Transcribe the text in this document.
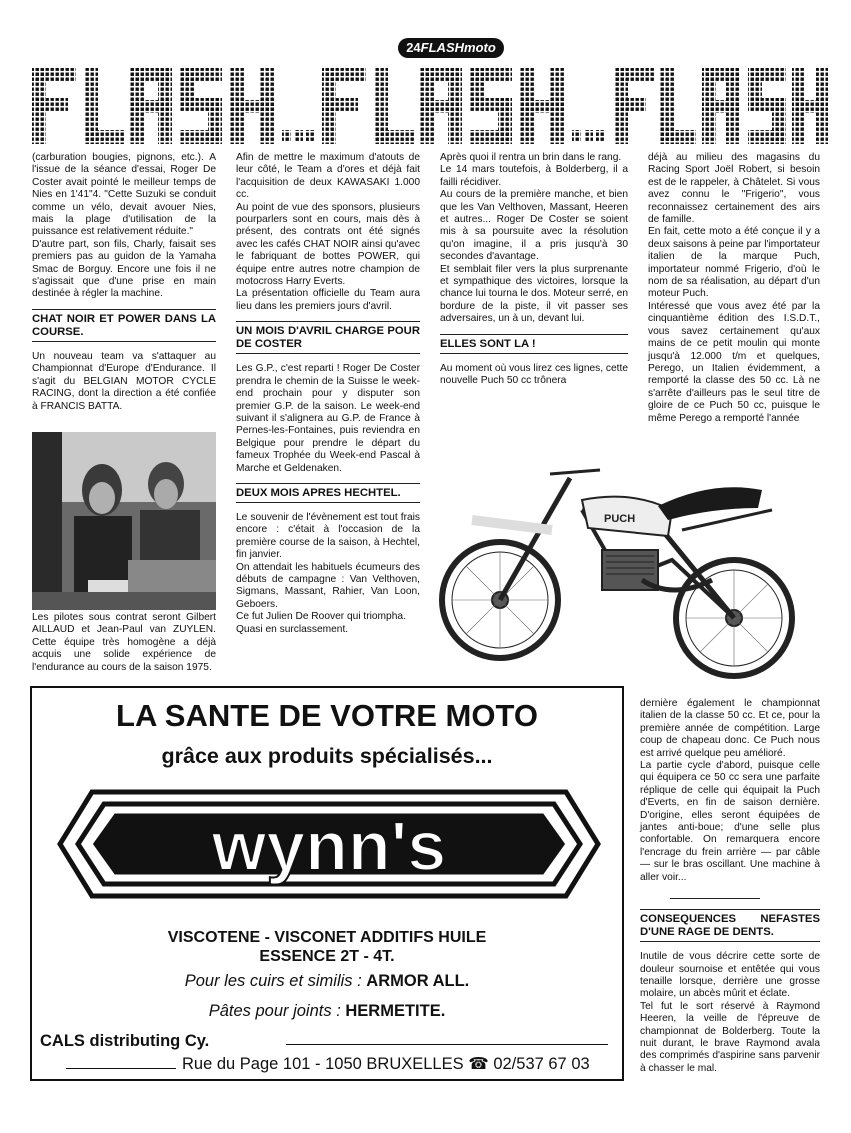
24FLASHmoto

(carburation bougies, pignons, etc.). A l'issue de la séance d'essai, Roger De Coster avait pointé le meilleur temps de Nies en 1'41"4. "Cette Suzuki se conduit comme un vélo, devait avouer Nies, mais la plage d'utilisation de la puissance est relativement réduite."

D'autre part, son fils, Charly, faisait ses premiers pas au guidon de la Yamaha Smac de Borguy. Encore une fois il ne s'agissait que d'une prise en main destinée à régler la machine.

CHAT NOIR ET POWER DANS LA COURSE.

Un nouveau team va s'attaquer au Championnat d'Europe d'Endurance. Il s'agit du BELGIAN MOTOR CYCLE RACING, dont la direction a été confiée à FRANCIS BATTA.

Les pilotes sous contrat seront Gilbert AILLAUD et Jean-Paul van ZUYLEN. Cette équipe très homogène a déjà acquis une solide expérience de l'endurance au cours de la saison 1975.

Afin de mettre le maximum d'atouts de leur côté, le Team a d'ores et déjà fait l'acquisition de deux KAWASAKI 1.000 cc.

Au point de vue des sponsors, plusieurs pourparlers sont en cours, mais dès à présent, des contrats ont été signés avec les cafés CHAT NOIR ainsi qu'avec le fabriquant de bottes POWER, qui équipe entre autres notre champion de motocross Harry Everts.

La présentation officielle du Team aura lieu dans les premiers jours d'avril.

UN MOIS D'AVRIL CHARGE POUR DE COSTER

Les G.P., c'est reparti ! Roger De Coster prendra le chemin de la Suisse le week-end prochain pour y disputer son premier G.P. de la saison. Le week-end suivant il s'alignera au G.P. de France à Pernes-les-Fontaines, puis reviendra en Belgique pour prendre le départ du fameux Trophée du Week-end Pascal à Marche et Geldenaken.

DEUX MOIS APRES HECHTEL.

Le souvenir de l'évènement est tout frais encore : c'était à l'occasion de la première course de la saison, à Hechtel, fin janvier.

On attendait les habituels écumeurs des débuts de campagne : Van Velthoven, Sigmans, Massant, Rahier, Van Loon, Geboers.

Ce fut Julien De Roover qui triompha.

Quasi en surclassement.

Après quoi il rentra un brin dans le rang.

Le 14 mars toutefois, à Bolderberg, il a failli récidiver.

Au cours de la première manche, et bien que les Van Velthoven, Massant, Heeren et autres... Roger De Coster se soient mis à sa poursuite avec la résolution qu'on imagine, il a pris jusqu'à 30 secondes d'avantage.

Et semblait filer vers la plus surprenante et sympathique des victoires, lorsque la chance lui tourna le dos. Moteur serré, en bordure de la piste, il vit passer ses adversaires, un à un, devant lui.

ELLES SONT LA !

Au moment où vous lirez ces lignes, cette nouvelle Puch 50 cc trônera

déjà au milieu des magasins du Racing Sport Joël Robert, si besoin est de le rappeler, à Châtelet. Si vous avez connu le "Frigerio", vous reconnaissez certainement des airs de famille.

En fait, cette moto a été conçue il y a deux saisons à peine par l'importateur italien de la marque Puch, importateur nommé Frigerio, d'où le nom de sa réalisation, au départ d'un moteur Puch.

Intéressé que vous avez été par la cinquantième édition des I.S.D.T., vous savez certainement qu'aux mains de ce petit moulin qui monte jusqu'à 12.000 t/m et quelques, Perego, un Italien évidemment, a remporté la classe des 50 cc. Là ne s'arrête d'ailleurs pas le seul titre de gloire de ce Puch 50 cc, puisque le même Perego a remporté l'année

PUCH

dernière également le championnat italien de la classe 50 cc. Et ce, pour la première année de compétition. Large coup de chapeau donc. Ce Puch nous est arrivé quelque peu amélioré.

La partie cycle d'abord, puisque celle qui équipera ce 50 cc sera une parfaite réplique de celle qui équipait la Puch d'Everts, en fin de saison dernière. D'origine, elles seront équipées de jantes anti-boue; d'une selle plus confortable. On remarquera encore l'encrage du frein arrière — par câble — sur le bras oscillant. Une machine à aller voir...

CONSEQUENCES NEFASTES D'UNE RAGE DE DENTS.

Inutile de vous décrire cette sorte de douleur sournoise et entêtée qui vous tenaille lorsque, derrière une grosse molaire, un abcès mûrit et éclate.

Tel fut le sort réservé à Raymond Heeren, la veille de l'épreuve de championnat de Bolderberg. Toute la nuit durant, le brave Raymond avala des comprimés d'aspirine sans parvenir à chasser le mal.

LA SANTE DE VOTRE MOTO
grâce aux produits spécialisés...
wynn's
VISCOTENE - VISCONET ADDITIFS HUILE
ESSENCE 2T - 4T.
Pour les cuirs et similis : ARMOR ALL.
Pâtes pour joints : HERMETITE.
CALS distributing Cy.
Rue du Page 101 - 1050 BRUXELLES ☎ 02/537 67 03
